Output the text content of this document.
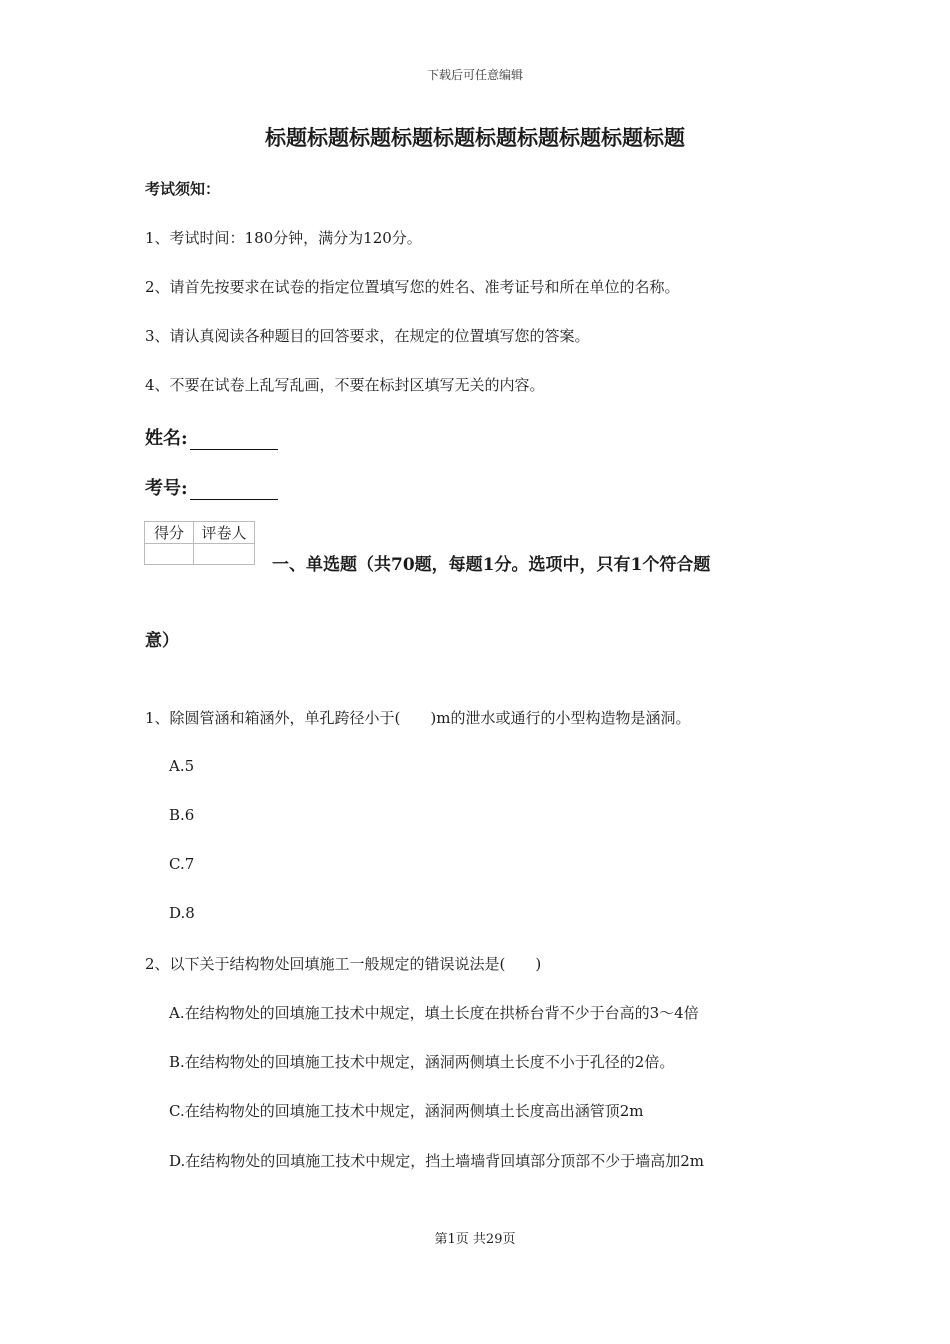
下载后可任意编辑
标题标题标题标题标题标题标题标题标题标题
考试须知：
1、考试时间：180分钟，满分为120分。
2、请首先按要求在试卷的指定位置填写您的姓名、准考证号和所在单位的名称。
3、请认真阅读各种题目的回答要求，在规定的位置填写您的答案。
4、不要在试卷上乱写乱画，不要在标封区填写无关的内容。
姓名:
考号:
得分	评卷人

一、单选题（共70题，每题1分。选项中，只有1个符合题
意）
1、除圆管涵和箱涵外，单孔跨径小于(　　)m的泄水或通行的小型构造物是涵洞。
A.5
B.6
C.7
D.8
2、以下关于结构物处回填施工一般规定的错误说法是(　　)
A.在结构物处的回填施工技术中规定，填土长度在拱桥台背不少于台高的3～4倍
B.在结构物处的回填施工技术中规定，涵洞两侧填土长度不小于孔径的2倍。
C.在结构物处的回填施工技术中规定，涵洞两侧填土长度高出涵管顶2m
D.在结构物处的回填施工技术中规定，挡土墙墙背回填部分顶部不少于墙高加2m
第1页 共29页
